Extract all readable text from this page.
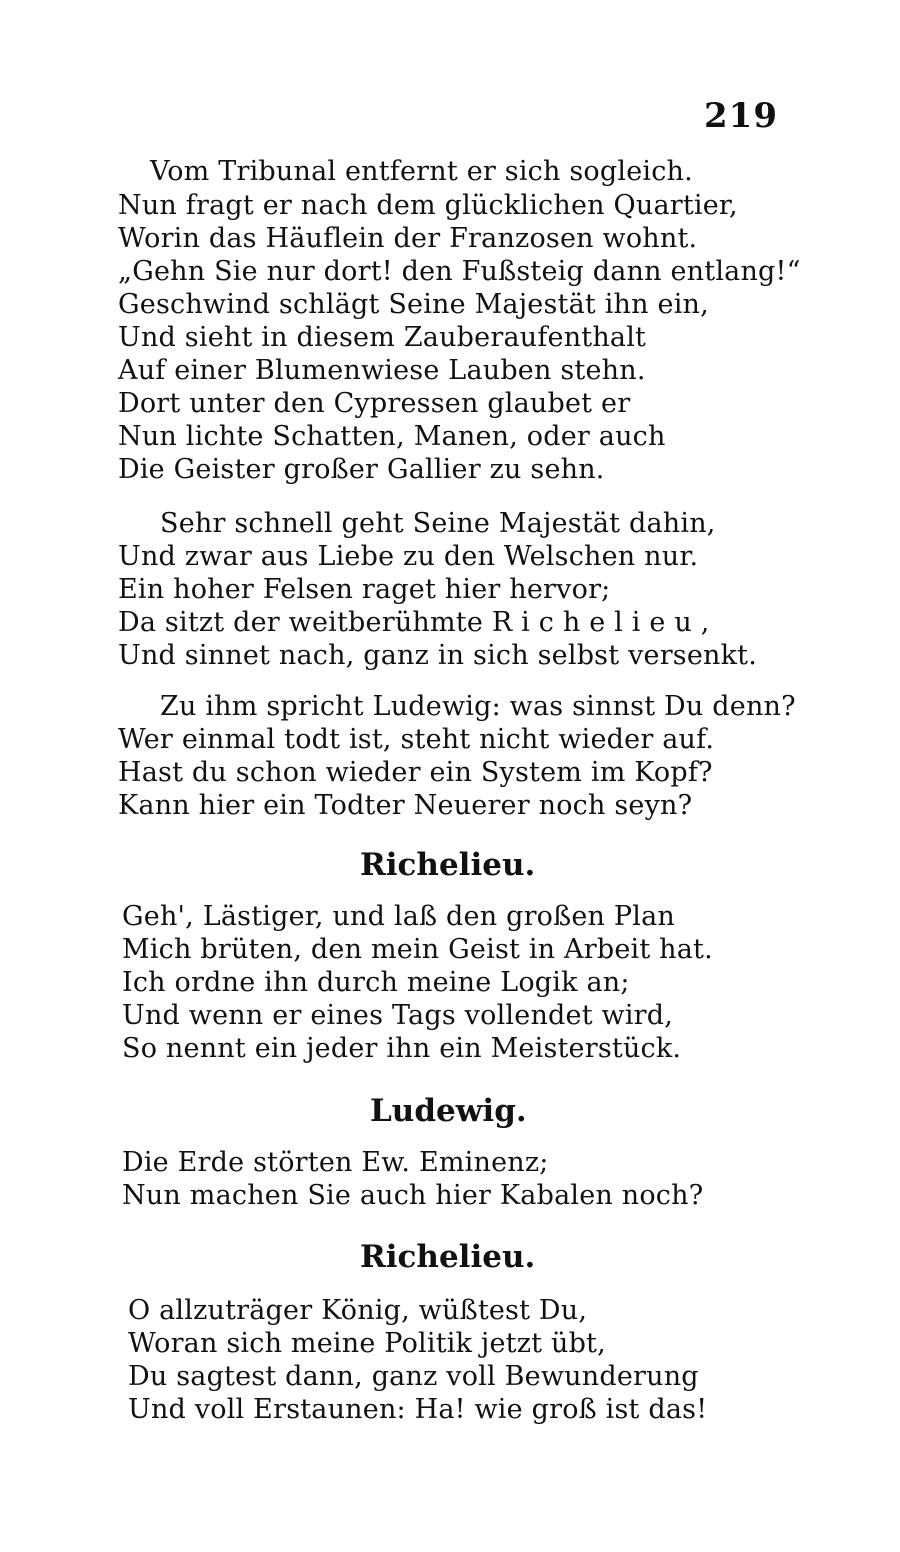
219
Vom Tribunal entfernt er sich sogleich.
Nun fragt er nach dem glücklichen Quartier,
Worin das Häuflein der Franzosen wohnt.
„Gehn Sie nur dort! den Fußsteig dann entlang!“
Geschwind schlägt Seine Majestät ihn ein,
Und sieht in diesem Zauberaufenthalt
Auf einer Blumenwiese Lauben stehn.
Dort unter den Cypressen glaubet er
Nun lichte Schatten, Manen, oder auch
Die Geister großer Gallier zu sehn.
Sehr schnell geht Seine Majestät dahin,
Und zwar aus Liebe zu den Welschen nur.
Ein hoher Felsen raget hier hervor;
Da sitzt der weitberühmte R i c h e l i e u ,
Und sinnet nach, ganz in sich selbst versenkt.
Zu ihm spricht Ludewig: was sinnst Du denn?
Wer einmal todt ist, steht nicht wieder auf.
Hast du schon wieder ein System im Kopf?
Kann hier ein Todter Neuerer noch seyn?
Richelieu.
Geh', Lästiger, und laß den großen Plan
Mich brüten, den mein Geist in Arbeit hat.
Ich ordne ihn durch meine Logik an;
Und wenn er eines Tags vollendet wird,
So nennt ein jeder ihn ein Meisterstück.
Ludewig.
Die Erde störten Ew. Eminenz;
Nun machen Sie auch hier Kabalen noch?
Richelieu.
O allzuträger König, wüßtest Du,
Woran sich meine Politik jetzt übt,
Du sagtest dann, ganz voll Bewunderung
Und voll Erstaunen: Ha! wie groß ist das!
